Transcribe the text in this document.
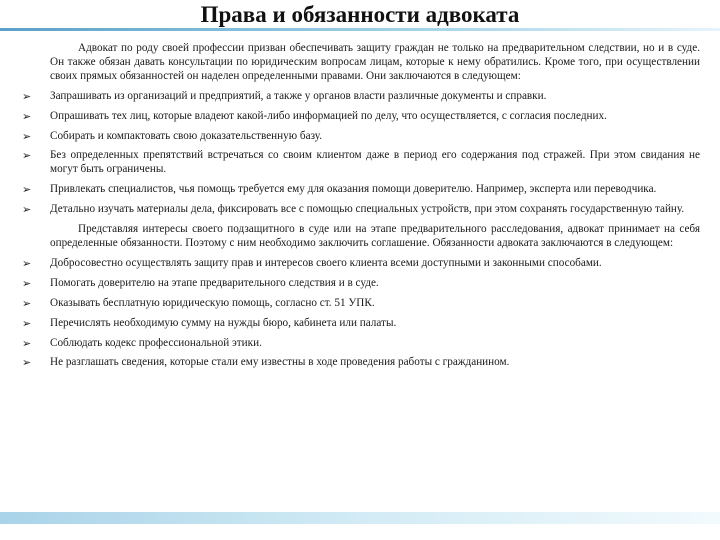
Права и обязанности адвоката

Адвокат по роду своей профессии призван обеспечивать защиту граждан не только на предварительном следствии, но и в суде. Он также обязан давать консультации по юридическим вопросам лицам, которые к нему обратились. Кроме того, при осуществлении своих прямых обязанностей он наделен определенными правами. Они заключаются в следующем:

➢ Запрашивать из организаций и предприятий, а также у органов власти различные документы и справки.
➢ Опрашивать тех лиц, которые владеют какой-либо информацией по делу, что осуществляется, с согласия последних.
➢ Собирать и компактовать свою доказательственную базу.
➢ Без определенных препятствий встречаться со своим клиентом даже в период его содержания под стражей. При этом свидания не могут быть ограничены.
➢ Привлекать специалистов, чья помощь требуется ему для оказания помощи доверителю. Например, эксперта или переводчика.
➢ Детально изучать материалы дела, фиксировать все с помощью специальных устройств, при этом сохранять государственную тайну.

Представляя интересы своего подзащитного в суде или на этапе предварительного расследования, адвокат принимает на себя определенные обязанности. Поэтому с ним необходимо заключить соглашение. Обязанности адвоката заключаются в следующем:

➢ Добросовестно осуществлять защиту прав и интересов своего клиента всеми доступными и законными способами.
➢ Помогать доверителю на этапе предварительного следствия и в суде.
➢ Оказывать бесплатную юридическую помощь, согласно ст. 51 УПК.
➢ Перечислять необходимую сумму на нужды бюро, кабинета или палаты.
➢ Соблюдать кодекс профессиональной этики.
➢ Не разглашать сведения, которые стали ему известны в ходе проведения работы с гражданином.
